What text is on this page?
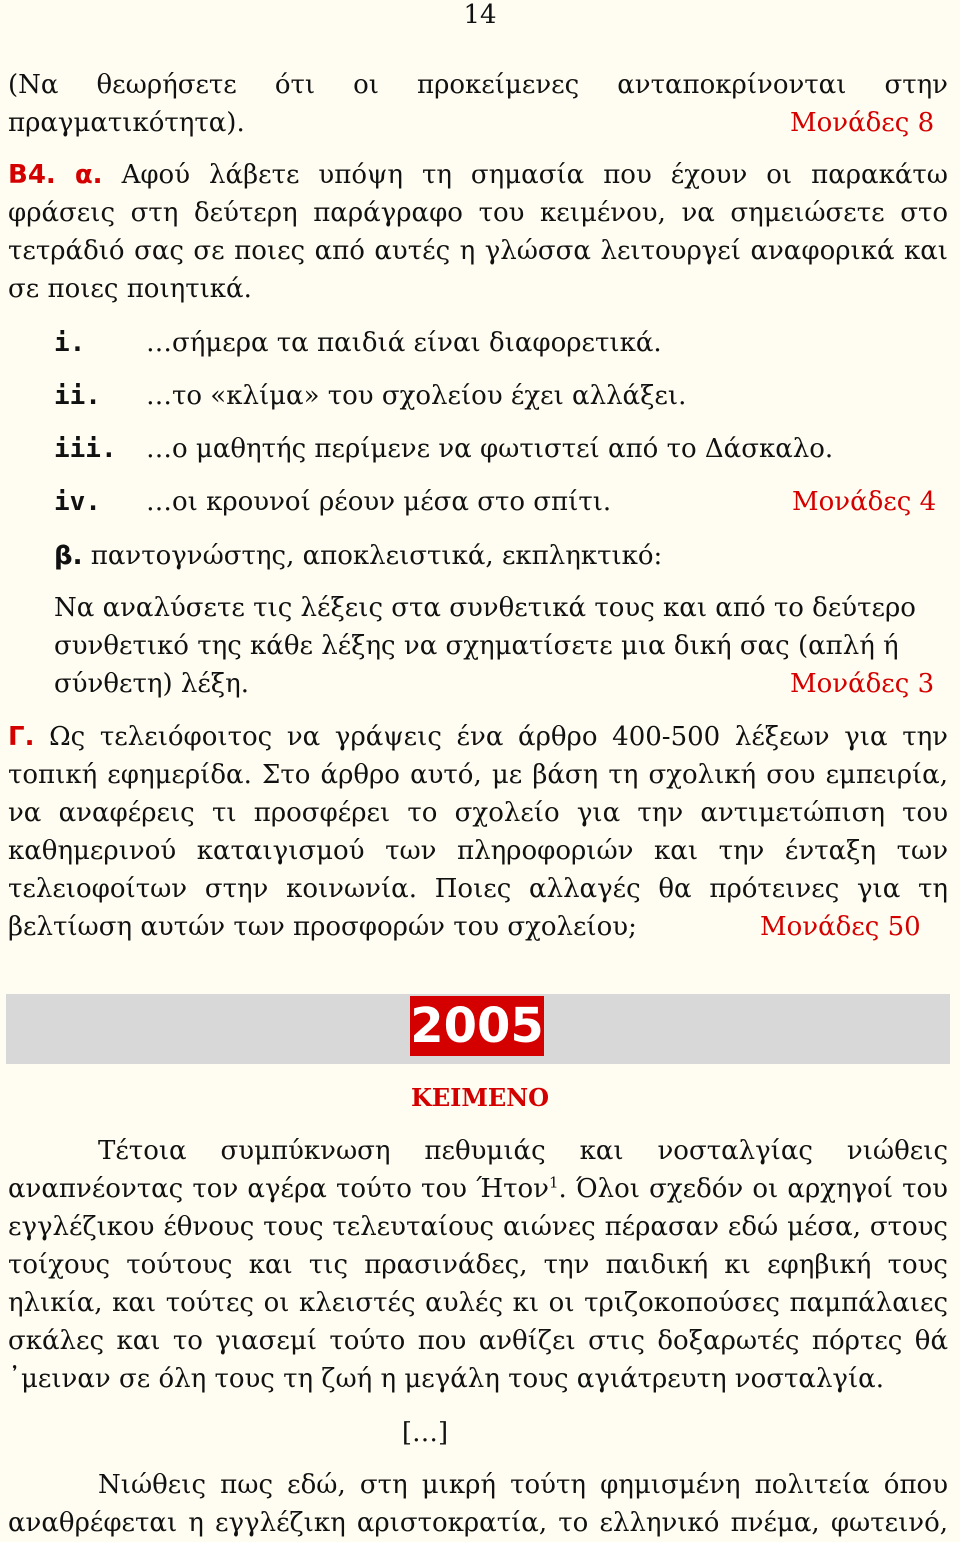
14
(Να θεωρήσετε ότι οι προκείμενες ανταποκρίνονται στην
πραγματικότητα).	Μονάδες 8
Β4. α. Αφού λάβετε υπόψη τη σημασία που έχουν οι παρακάτω
φράσεις στη δεύτερη παράγραφο του κειμένου, να σημειώσετε στο
τετράδιό σας σε ποιες από αυτές η γλώσσα λειτουργεί αναφορικά και
σε ποιες ποιητικά.
i. …σήμερα τα παιδιά είναι διαφορετικά.
ii. …το «κλίμα» του σχολείου έχει αλλάξει.
iii. …ο μαθητής περίμενε να φωτιστεί από το Δάσκαλο.
iv. …οι κρουνοί ρέουν μέσα στο σπίτι.	Μονάδες 4
β. παντογνώστης, αποκλειστικά, εκπληκτικό:
Να αναλύσετε τις λέξεις στα συνθετικά τους και από το δεύτερο
συνθετικό της κάθε λέξης να σχηματίσετε μια δική σας (απλή ή
σύνθετη) λέξη.	Μονάδες 3
Γ. Ως τελειόφοιτος να γράψεις ένα άρθρο 400-500 λέξεων για την
τοπική εφημερίδα. Στο άρθρο αυτό, με βάση τη σχολική σου εμπειρία,
να αναφέρεις τι προσφέρει το σχολείο για την αντιμετώπιση του
καθημερινού καταιγισμού των πληροφοριών και την ένταξη των
τελειοφοίτων στην κοινωνία. Ποιες αλλαγές θα πρότεινες για τη
βελτίωση αυτών των προσφορών του σχολείου;	Μονάδες 50
2005
ΚΕΙΜΕΝΟ
Τέτοια συμπύκνωση πεθυμιάς και νοσταλγίας νιώθεις
αναπνέοντας τον αγέρα τούτο του Ήτον$^1$. Όλοι σχεδόν οι αρχηγοί του
εγγλέζικου έθνους τους τελευταίους αιώνες πέρασαν εδώ μέσα, στους
τοίχους τούτους και τις πρασινάδες, την παιδική κι εφηβική τους
ηλικία, και τούτες οι κλειστές αυλές κι οι τριζοκοπούσες παμπάλαιες
σκάλες και το γιασεμί τούτο που ανθίζει στις δοξαρωτές πόρτες θά
᾽μειναν σε όλη τους τη ζωή η μεγάλη τους αγιάτρευτη νοσταλγία.
[…]
Νιώθεις πως εδώ, στη μικρή τούτη φημισμένη πολιτεία όπου
αναθρέφεται η εγγλέζικη αριστοκρατία, το ελληνικό πνέμα, φωτεινό,
